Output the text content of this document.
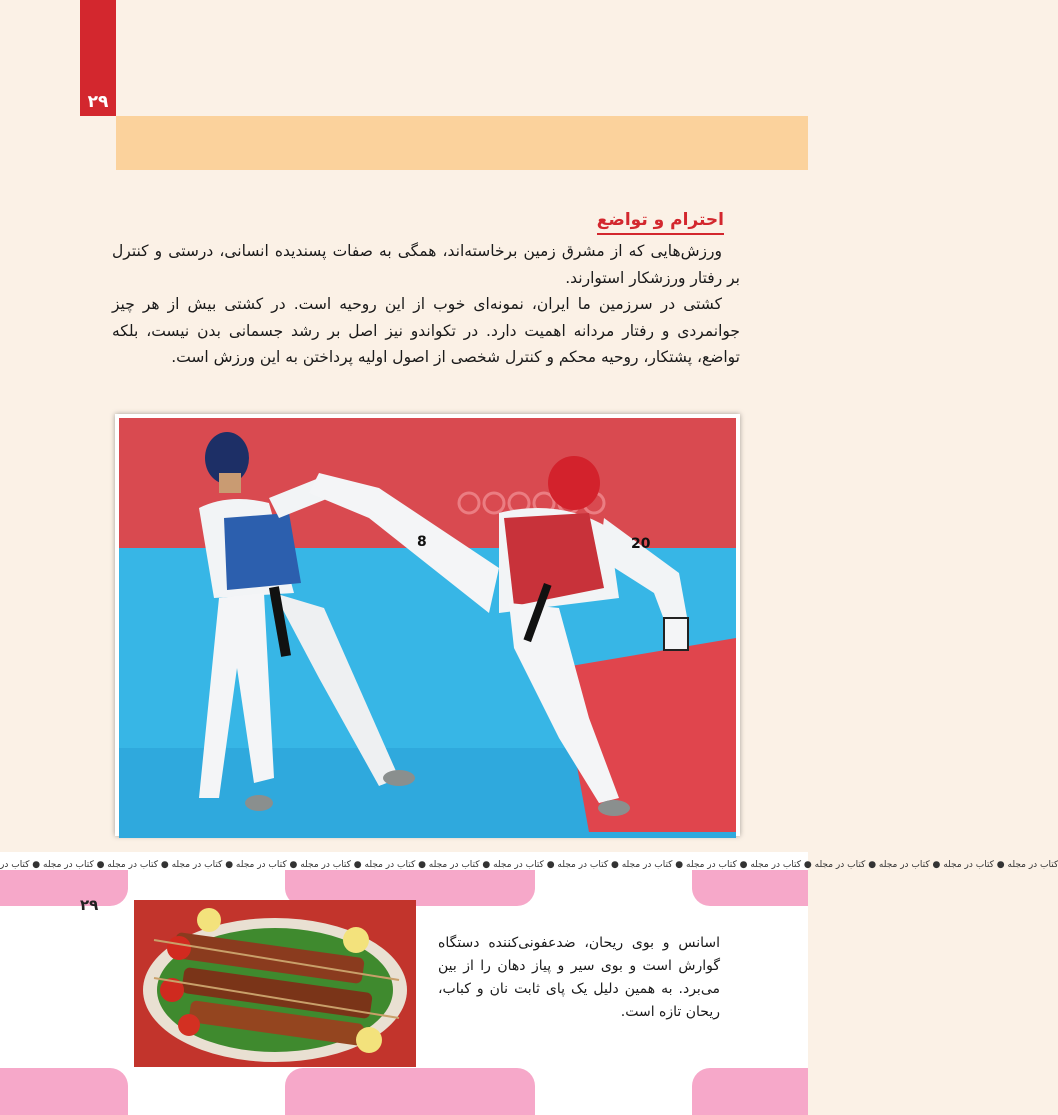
۲۹
احترام و تواضع

ورزش‌هایی که از مشرق زمین برخاسته‌اند، همگی به صفات پسندیده انسانی، درستی و کنترل بر رفتار ورزشکار استوارند.

کشتی در سرزمین ما ایران، نمونه‌ای خوب از این روحیه است. در کشتی بیش از هر چیز جوانمردی و رفتار مردانه اهمیت دارد. در تکواندو نیز اصل بر رشد جسمانی بدن نیست، بلکه تواضع، پشتکار، روحیه محکم و کنترل شخصی از اصول اولیه پرداختن به این ورزش است.

8	20
کتاب در مجله ● کتاب در مجله ● کتاب در مجله ● کتاب در مجله ● کتاب در مجله ● کتاب در مجله ● کتاب در مجله ● کتاب در مجله ● کتاب در مجله ● کتاب در مجله ● کتاب در مجله ● کتاب در مجله ● کتاب در مجله ● کتاب در مجله ● کتاب در مجله ● کتاب در مجله ● کتاب در
۲۹
اسانس و بوی ریحان، ضدعفونی‌کننده دستگاه گوارش است و بوی سیر و پیاز دهان را از بین می‌برد. به همین دلیل یک پای ثابت نان و کباب، ریحان تازه است.
